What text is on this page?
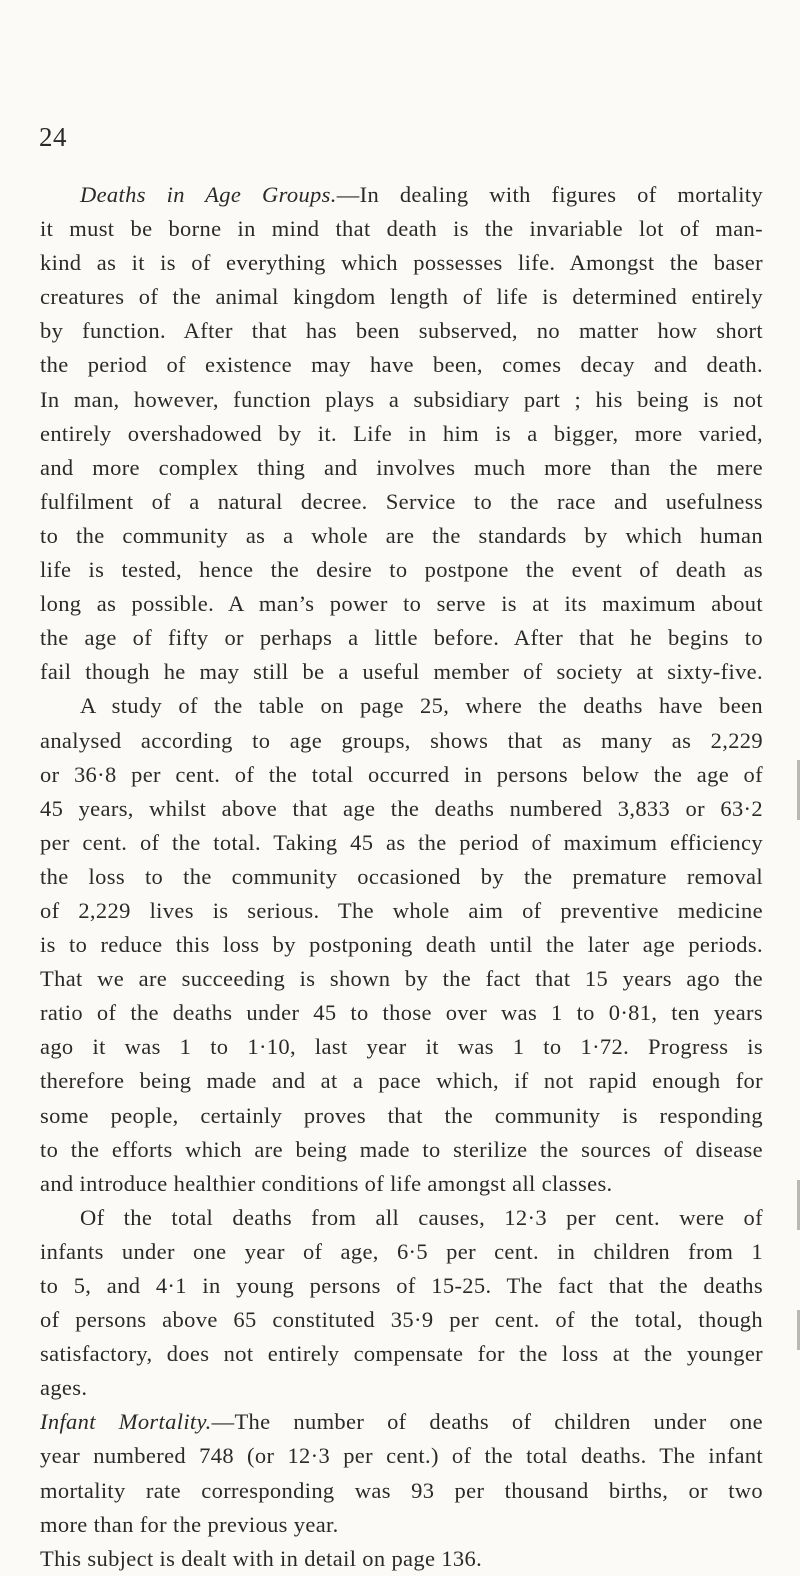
24
Deaths in Age Groups.—In dealing with figures of mortality
it must be borne in mind that death is the invariable lot of man-
kind as it is of everything which possesses life. Amongst the baser
creatures of the animal kingdom length of life is determined entirely
by function. After that has been subserved, no matter how short
the period of existence may have been, comes decay and death.
In man, however, function plays a subsidiary part ; his being is not
entirely overshadowed by it. Life in him is a bigger, more varied,
and more complex thing and involves much more than the mere
fulfilment of a natural decree. Service to the race and usefulness
to the community as a whole are the standards by which human
life is tested, hence the desire to postpone the event of death as
long as possible. A man’s power to serve is at its maximum about
the age of fifty or perhaps a little before. After that he begins to
fail though he may still be a useful member of society at sixty-five.
A study of the table on page 25, where the deaths have been
analysed according to age groups, shows that as many as 2,229
or 36·8 per cent. of the total occurred in persons below the age of
45 years, whilst above that age the deaths numbered 3,833 or 63·2
per cent. of the total. Taking 45 as the period of maximum efficiency
the loss to the community occasioned by the premature removal
of 2,229 lives is serious. The whole aim of preventive medicine
is to reduce this loss by postponing death until the later age periods.
That we are succeeding is shown by the fact that 15 years ago the
ratio of the deaths under 45 to those over was 1 to 0·81, ten years
ago it was 1 to 1·10, last year it was 1 to 1·72. Progress is
therefore being made and at a pace which, if not rapid enough for
some people, certainly proves that the community is responding
to the efforts which are being made to sterilize the sources of disease
and introduce healthier conditions of life amongst all classes.
Of the total deaths from all causes, 12·3 per cent. were of
infants under one year of age, 6·5 per cent. in children from 1
to 5, and 4·1 in young persons of 15-25. The fact that the deaths
of persons above 65 constituted 35·9 per cent. of the total, though
satisfactory, does not entirely compensate for the loss at the younger
ages.
Infant Mortality.—The number of deaths of children under one
year numbered 748 (or 12·3 per cent.) of the total deaths. The infant
mortality rate corresponding was 93 per thousand births, or two
more than for the previous year.
This subject is dealt with in detail on page 136.
